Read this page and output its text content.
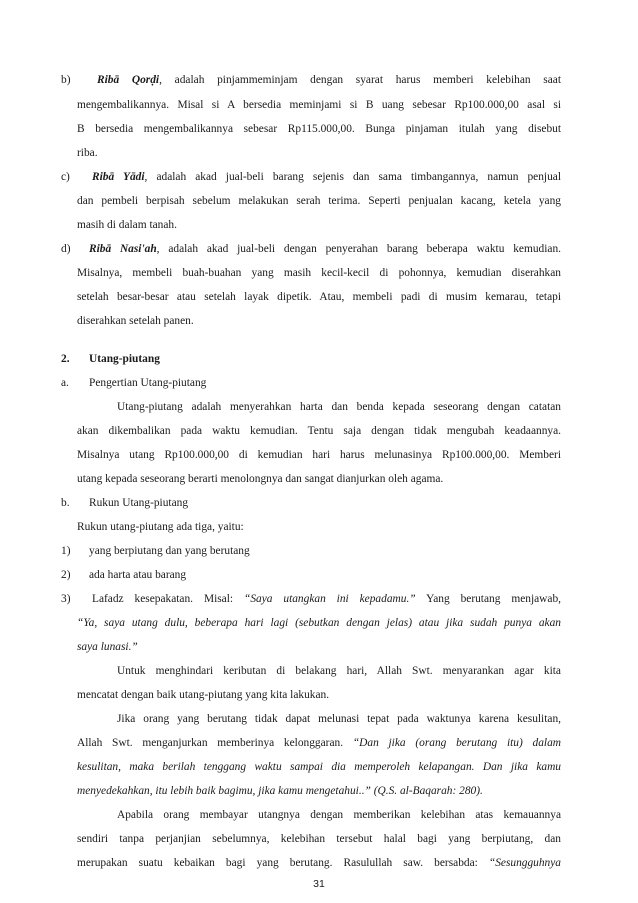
b) Ribā Qorḍi, adalah pinjammeminjam dengan syarat harus memberi kelebihan saat
mengembalikannya. Misal si A bersedia meminjami si B uang sebesar Rp100.000,00 asal si
B bersedia mengembalikannya sebesar Rp115.000,00. Bunga pinjaman itulah yang disebut
riba.
c) Ribā Yādi, adalah akad jual-beli barang sejenis dan sama timbangannya, namun penjual
dan pembeli berpisah sebelum melakukan serah terima. Seperti penjualan kacang, ketela yang
masih di dalam tanah.
d) Ribā Nasi'ah, adalah akad jual-beli dengan penyerahan barang beberapa waktu kemudian.
Misalnya, membeli buah-buahan yang masih kecil-kecil di pohonnya, kemudian diserahkan
setelah besar-besar atau setelah layak dipetik. Atau, membeli padi di musim kemarau, tetapi
diserahkan setelah panen.
2. Utang-piutang
a. Pengertian Utang-piutang
Utang-piutang adalah menyerahkan harta dan benda kepada seseorang dengan catatan
akan dikembalikan pada waktu kemudian. Tentu saja dengan tidak mengubah keadaannya.
Misalnya utang Rp100.000,00 di kemudian hari harus melunasinya Rp100.000,00. Memberi
utang kepada seseorang berarti menolongnya dan sangat dianjurkan oleh agama.
b. Rukun Utang-piutang
Rukun utang-piutang ada tiga, yaitu:
1) yang berpiutang dan yang berutang
2) ada harta atau barang
3) Lafadz kesepakatan. Misal: “Saya utangkan ini kepadamu.” Yang berutang menjawab,
“Ya, saya utang dulu, beberapa hari lagi (sebutkan dengan jelas) atau jika sudah punya akan
saya lunasi.”
Untuk menghindari keributan di belakang hari, Allah Swt. menyarankan agar kita
mencatat dengan baik utang-piutang yang kita lakukan.
Jika orang yang berutang tidak dapat melunasi tepat pada waktunya karena kesulitan,
Allah Swt. menganjurkan memberinya kelonggaran. “Dan jika (orang berutang itu) dalam
kesulitan, maka berilah tenggang waktu sampai dia memperoleh kelapangan. Dan jika kamu
menyedekahkan, itu lebih baik bagimu, jika kamu mengetahui..” (Q.S. al-Baqarah: 280).
Apabila orang membayar utangnya dengan memberikan kelebihan atas kemauannya
sendiri tanpa perjanjian sebelumnya, kelebihan tersebut halal bagi yang berpiutang, dan
merupakan suatu kebaikan bagi yang berutang. Rasulullah saw. bersabda: “Sesungguhnya
31
